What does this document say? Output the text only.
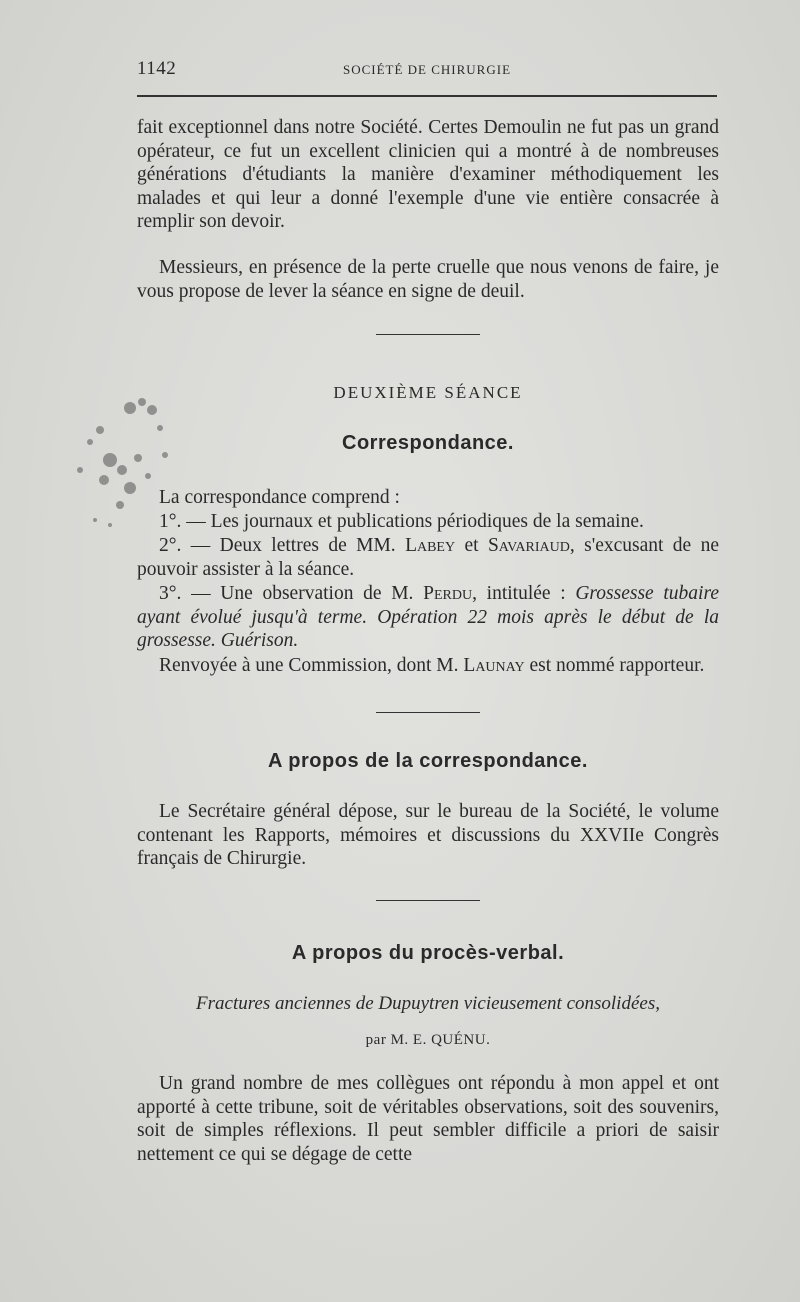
1142	SOCIÉTÉ DE CHIRURGIE

fait exceptionnel dans notre Société. Certes Demoulin ne fut pas un grand opérateur, ce fut un excellent clinicien qui a montré à de nombreuses générations d'étudiants la manière d'examiner méthodiquement les malades et qui leur a donné l'exemple d'une vie entière consacrée à remplir son devoir.

Messieurs, en présence de la perte cruelle que nous venons de faire, je vous propose de lever la séance en signe de deuil.

DEUXIÈME SÉANCE
Correspondance.

La correspondance comprend :

1°. — Les journaux et publications périodiques de la semaine.

2°. — Deux lettres de MM. Labey et Savariaud, s'excusant de ne pouvoir assister à la séance.

3°. — Une observation de M. Perdu, intitulée : Grossesse tubaire ayant évolué jusqu'à terme. Opération 22 mois après le début de la grossesse. Guérison.

Renvoyée à une Commission, dont M. Launay est nommé rapporteur.

A propos de la correspondance.

Le Secrétaire général dépose, sur le bureau de la Société, le volume contenant les Rapports, mémoires et discussions du XXVIIe Congrès français de Chirurgie.

A propos du procès-verbal.
Fractures anciennes de Dupuytren vicieusement consolidées,
par M. E. QUÉNU.

Un grand nombre de mes collègues ont répondu à mon appel et ont apporté à cette tribune, soit de véritables observations, soit des souvenirs, soit de simples réflexions. Il peut sembler difficile a priori de saisir nettement ce qui se dégage de cette
